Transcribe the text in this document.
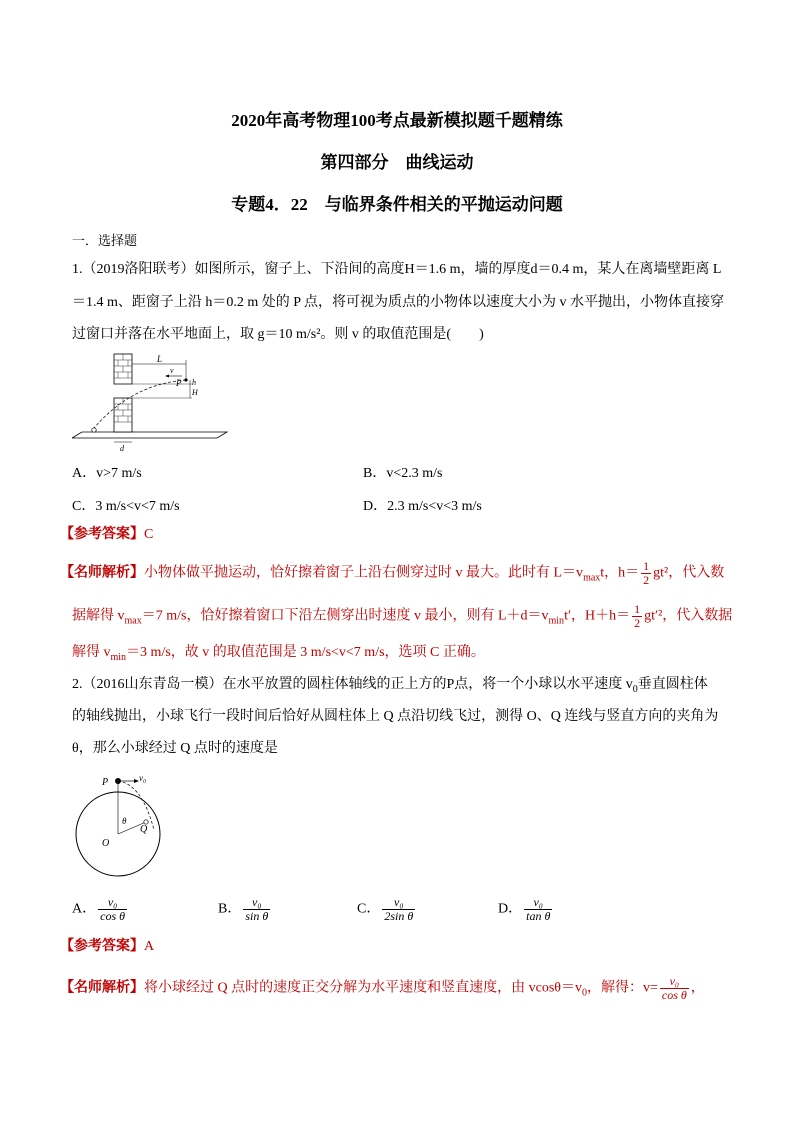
2020年高考物理100考点最新模拟题千题精练
第四部分　曲线运动
专题4．22　与临界条件相关的平抛运动问题
一．选择题
1.（2019洛阳联考）如图所示，窗子上、下沿间的高度H＝1.6 m，墙的厚度d＝0.4 m，某人在离墙壁距离 L
＝1.4 m、距窗子上沿 h＝0.2 m 处的 P 点，将可视为质点的小物体以速度大小为 v 水平抛出，小物体直接穿
过窗口并落在水平地面上，取 g＝10 m/s²。则 v 的取值范围是(　　)
L
v
P h
H
d
A．v>7 m/s	B．v<2.3 m/s
C．3 m/s<v<7 m/s	D．2.3 m/s<v<3 m/s
【参考答案】C
【名师解析】小物体做平抛运动，恰好擦着窗子上沿右侧穿过时 v 最大。此时有 $L=v_{max}t$，$h= \frac{1}{2} gt^2$，代入数
据解得 $v_{max}=7$ m/s，恰好擦着窗口下沿左侧穿出时速度 v 最小，则有 $L+d=v_{min}t'$，$H+h= \frac{1}{2} gt'^2$，代入数据
解得 $v_{min}=3$ m/s，故 v 的取值范围是 3 m/s<v<7 m/s，选项 C 正确。
2.（2016山东青岛一模）在水平放置的圆柱体轴线的正上方的P点，将一个小球以水平速度 $v_0$垂直圆柱体
的轴线抛出，小球飞行一段时间后恰好从圆柱体上 Q 点沿切线飞过，测得 O、Q 连线与竖直方向的夹角为
θ，那么小球经过 Q 点时的速度是
P	v₀
θ
O
Q
A． $\frac{\text{v₀}}{\text{cos θ}}$	B． $\frac{\text{v₀}}{\text{sin θ}}$	C． $\frac{\text{v₀}}{\text{2sin θ}}$	D． $\frac{\text{v₀}}{\text{tan θ}}$
【参考答案】A
【名师解析】将小球经过 Q 点时的速度正交分解为水平速度和竖直速度，由 $vcos\theta=v_0$，解得：$v= \frac{\text{v₀}}{\text{cos θ}}$ ，
